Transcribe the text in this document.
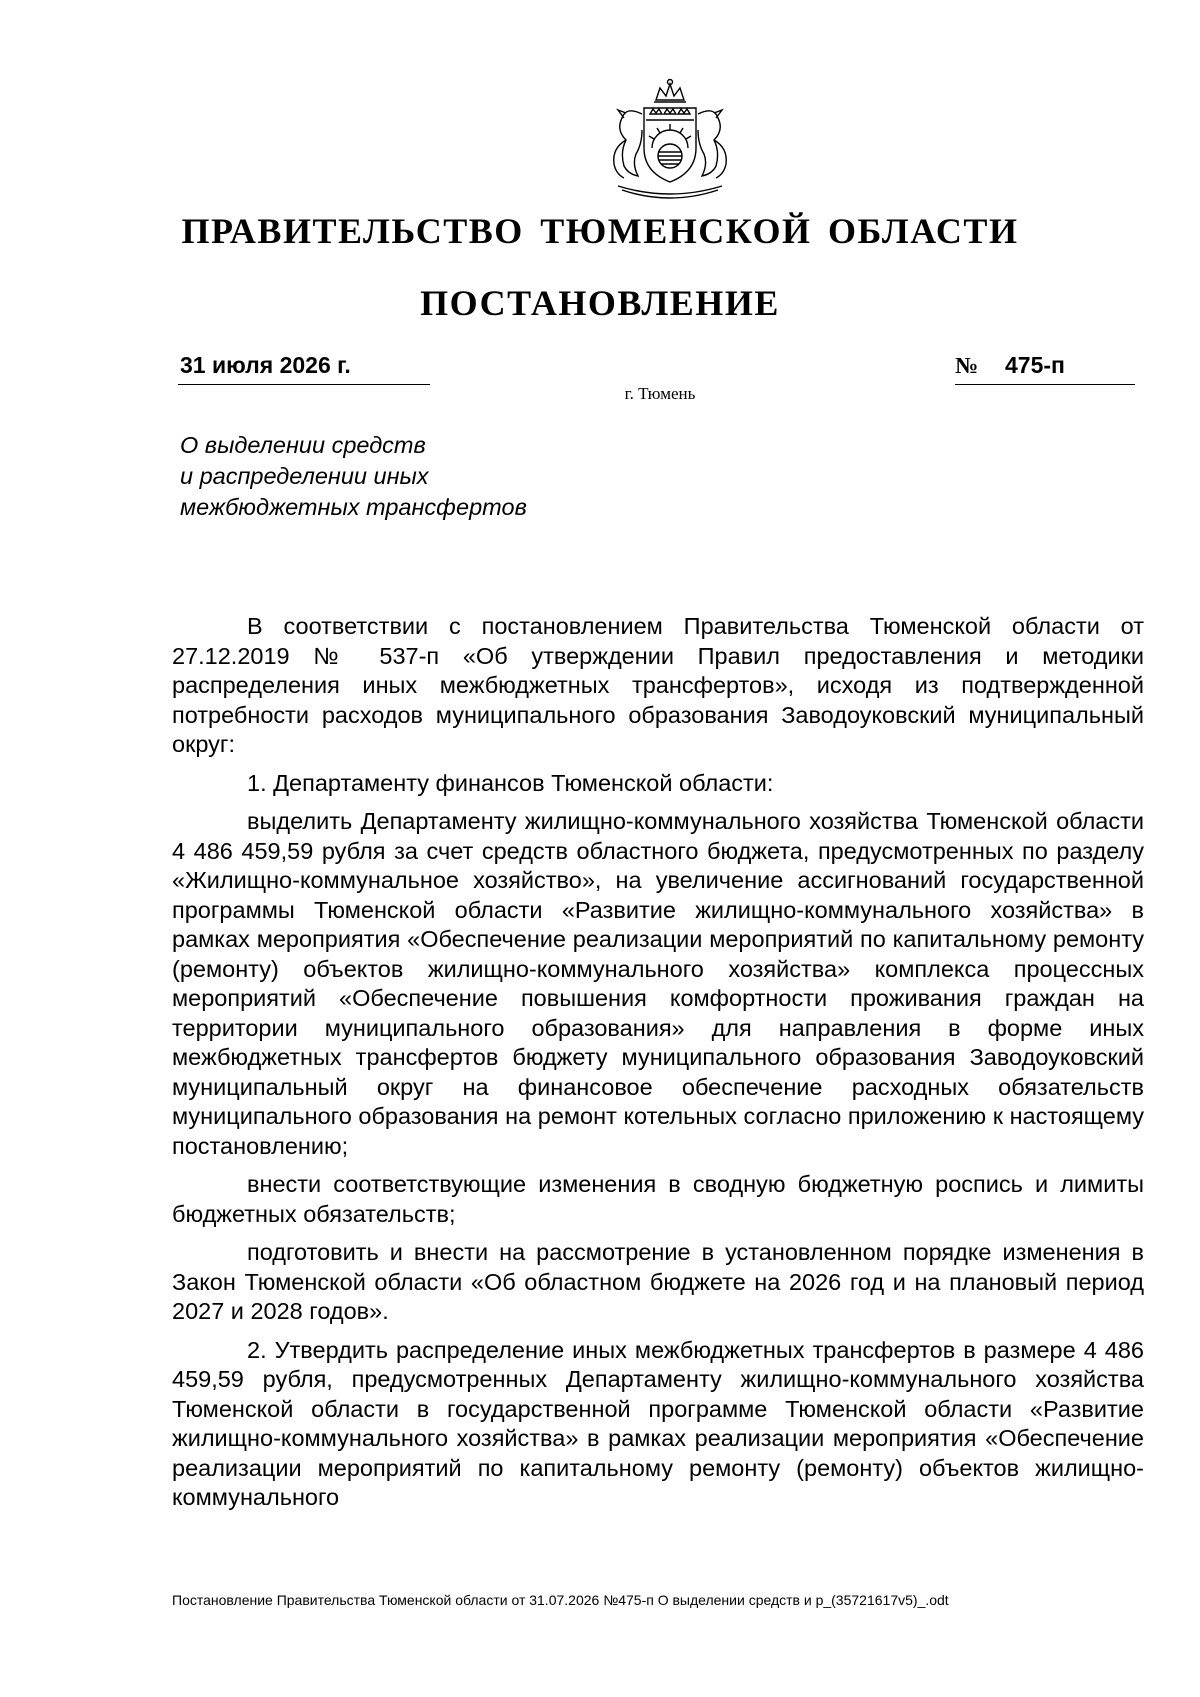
ПРАВИТЕЛЬСТВО ТЮМЕНСКОЙ ОБЛАСТИ
ПОСТАНОВЛЕНИЕ
31 июля 2026 г.	№ 475-п
г. Тюмень
О выделении средств
и распределении иных
межбюджетных трансфертов

В соответствии с постановлением Правительства Тюменской области от 27.12.2019 № 537-п «Об утверждении Правил предоставления и методики распределения иных межбюджетных трансфертов», исходя из подтвержденной потребности расходов муниципального образования Заводоуковский муниципальный округ:

1. Департаменту финансов Тюменской области:

выделить Департаменту жилищно-коммунального хозяйства Тюменской области 4 486 459,59 рубля за счет средств областного бюджета, предусмотренных по разделу «Жилищно-коммунальное хозяйство», на увеличение ассигнований государственной программы Тюменской области «Развитие жилищно-коммунального хозяйства» в рамках мероприятия «Обеспечение реализации мероприятий по капитальному ремонту (ремонту) объектов жилищно-коммунального хозяйства» комплекса процессных мероприятий «Обеспечение повышения комфортности проживания граждан на территории муниципального образования» для направления в форме иных межбюджетных трансфертов бюджету муниципального образования Заводоуковский муниципальный округ на финансовое обеспечение расходных обязательств муниципального образования на ремонт котельных согласно приложению к настоящему постановлению;

внести соответствующие изменения в сводную бюджетную роспись и лимиты бюджетных обязательств;

подготовить и внести на рассмотрение в установленном порядке изменения в Закон Тюменской области «Об областном бюджете на 2026 год и на плановый период 2027 и 2028 годов».

2. Утвердить распределение иных межбюджетных трансфертов в размере 4 486 459,59 рубля, предусмотренных Департаменту жилищно-коммунального хозяйства Тюменской области в государственной программе Тюменской области «Развитие жилищно-коммунального хозяйства» в рамках реализации мероприятия «Обеспечение реализации мероприятий по капитальному ремонту (ремонту) объектов жилищно-коммунального

Постановление Правительства Тюменской области от 31.07.2026 №475-п О выделении средств и р_(35721617v5)_.odt
